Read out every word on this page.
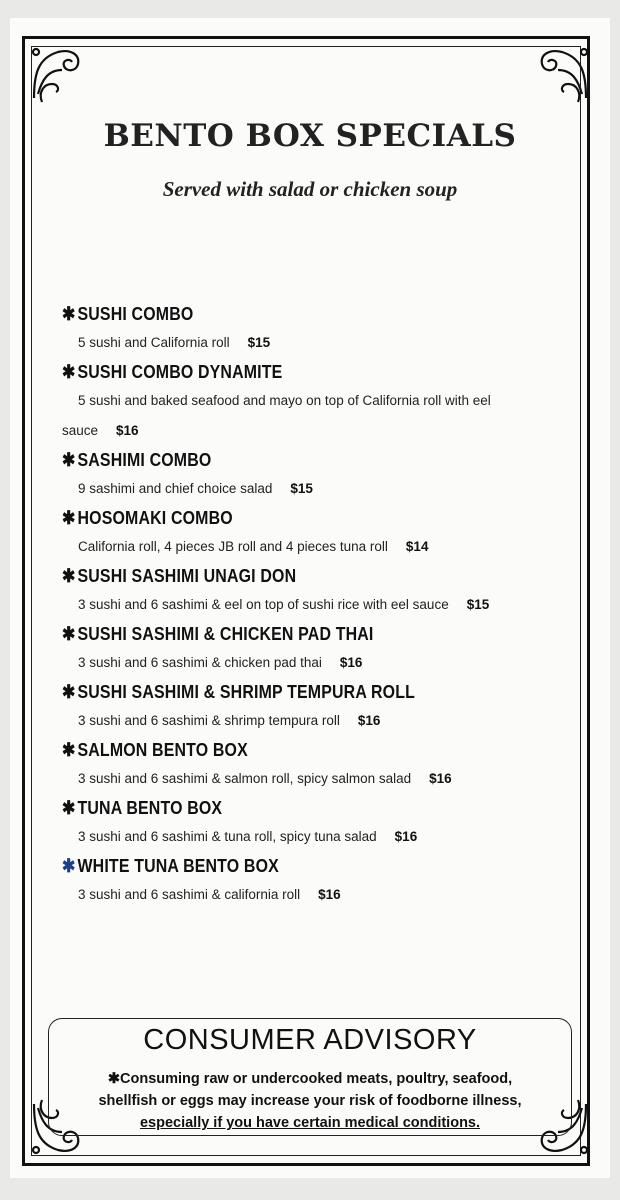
BENTO BOX SPECIALS
Served with salad or chicken soup
✱ SUSHI COMBO
5 sushi and California roll $15
✱ SUSHI COMBO DYNAMITE
5 sushi and baked seafood and mayo on top of California roll with eel
sauce $16
✱ SASHIMI COMBO
9 sashimi and chief choice salad $15
✱ HOSOMAKI COMBO
California roll, 4 pieces JB roll and 4 pieces tuna roll $14
✱ SUSHI SASHIMI UNAGI DON
3 sushi and 6 sashimi & eel on top of sushi rice with eel sauce $15
✱ SUSHI SASHIMI & CHICKEN PAD THAI
3 sushi and 6 sashimi & chicken pad thai $16
✱ SUSHI SASHIMI & SHRIMP TEMPURA ROLL
3 sushi and 6 sashimi & shrimp tempura roll $16
✱ SALMON BENTO BOX
3 sushi and 6 sashimi & salmon roll, spicy salmon salad $16
✱ TUNA BENTO BOX
3 sushi and 6 sashimi & tuna roll, spicy tuna salad $16
✱ WHITE TUNA BENTO BOX
3 sushi and 6 sashimi & california roll $16
CONSUMER ADVISORY
✱Consuming raw or undercooked meats, poultry, seafood,
shellfish or eggs may increase your risk of foodborne illness,
especially if you have certain medical conditions.
